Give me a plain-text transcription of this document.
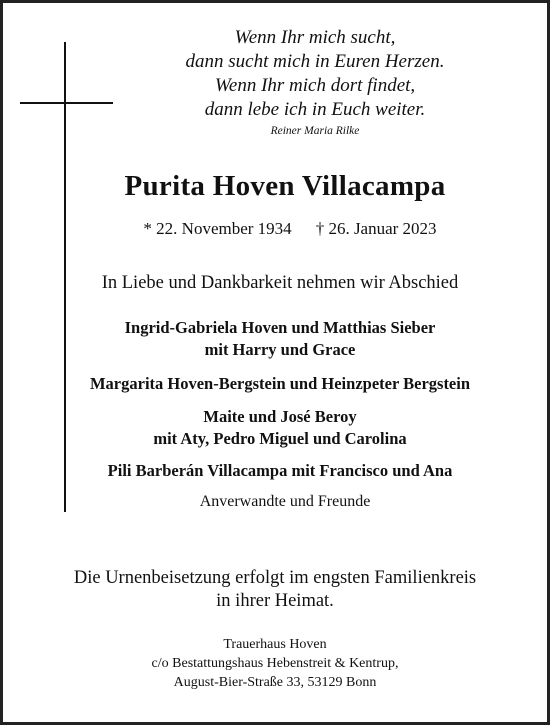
Wenn Ihr mich sucht,
dann sucht mich in Euren Herzen.
Wenn Ihr mich dort findet,
dann lebe ich in Euch weiter.
Reiner Maria Rilke
Purita Hoven Villacampa
* 22. November 1934 † 26. Januar 2023
In Liebe und Dankbarkeit nehmen wir Abschied
Ingrid-Gabriela Hoven und Matthias Sieber
mit Harry und Grace
Margarita Hoven-Bergstein und Heinzpeter Bergstein
Maite und José Beroy
mit Aty, Pedro Miguel und Carolina
Pili Barberán Villacampa mit Francisco und Ana
Anverwandte und Freunde
Die Urnenbeisetzung erfolgt im engsten Familienkreis
in ihrer Heimat.
Trauerhaus Hoven
c/o Bestattungshaus Hebenstreit & Kentrup,
August-Bier-Straße 33, 53129 Bonn
